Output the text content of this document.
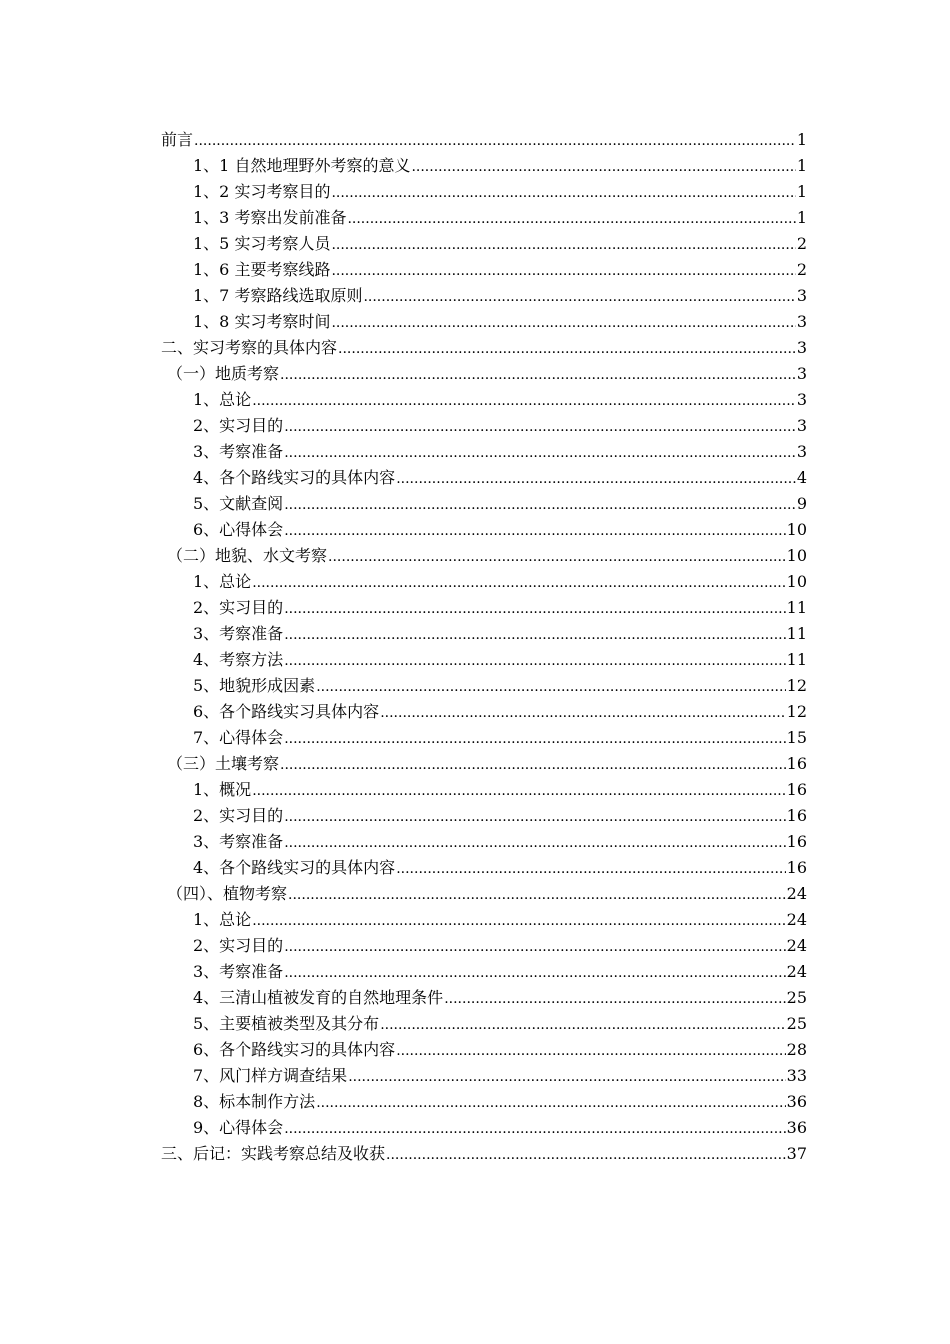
前言 .....	1
1、1 自然地理野外考察的意义 .....	1
1、2 实习考察目的 .....	1
1、3 考察出发前准备 .....	1
1、5 实习考察人员 .....	2
1、6 主要考察线路 .....	2
1、7 考察路线选取原则 .....	3
1、8 实习考察时间 .....	3
二、实习考察的具体内容 .....	3
（一）地质考察 .....	3
1、总论 .....	3
2、实习目的 .....	3
3、考察准备 .....	3
4、各个路线实习的具体内容 .....	4
5、文献查阅 .....	9
6、心得体会 .....	10
（二）地貌、水文考察 .....	10
1、总论 .....	10
2、实习目的 .....	11
3、考察准备 .....	11
4、考察方法 .....	11
5、地貌形成因素 .....	12
6、各个路线实习具体内容 .....	12
7、心得体会 .....	15
（三）土壤考察 .....	16
1、概况 .....	16
2、实习目的 .....	16
3、考察准备 .....	16
4、各个路线实习的具体内容 .....	16
（四）、植物考察 .....	24
1、总论 .....	24
2、实习目的 .....	24
3、考察准备 .....	24
4、三清山植被发育的自然地理条件 .....	25
5、主要植被类型及其分布 .....	25
6、各个路线实习的具体内容 .....	28
7、风门样方调查结果 .....	33
8、标本制作方法 .....	36
9、心得体会 .....	36
三、后记：实践考察总结及收获 .....	37
